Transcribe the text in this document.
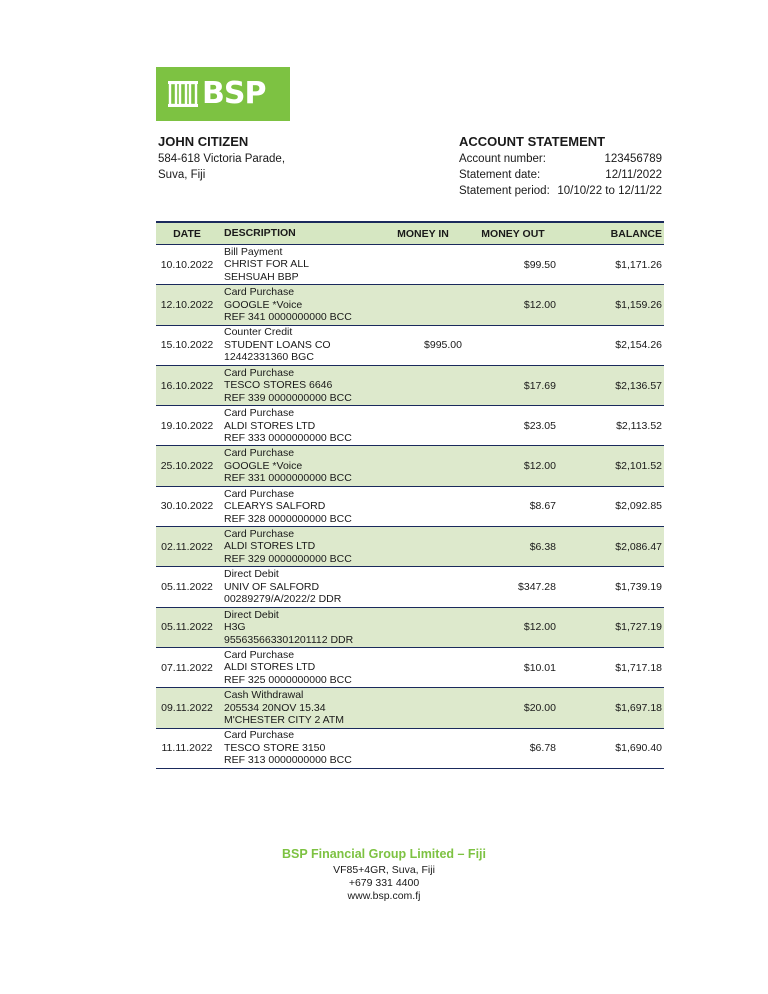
BSP
JOHN CITIZEN
584-618 Victoria Parade,
Suva, Fiji
ACCOUNT STATEMENT
Account number:	123456789
Statement date:	12/11/2022
Statement period: 10/10/22 to 12/11/22
DATE	DESCRIPTION	MONEY IN	MONEY OUT	BALANCE
10.10.2022	Bill Payment
CHRIST FOR ALL
SEHSUAH BBP		$99.50	$1,171.26
12.10.2022	Card Purchase
GOOGLE *Voice
REF 341 0000000000 BCC		$12.00	$1,159.26
15.10.2022	Counter Credit
STUDENT LOANS CO
12442331360 BGC	$995.00		$2,154.26
16.10.2022	Card Purchase
TESCO STORES 6646
REF 339 0000000000 BCC		$17.69	$2,136.57
19.10.2022	Card Purchase
ALDI STORES LTD
REF 333 0000000000 BCC		$23.05	$2,113.52
25.10.2022	Card Purchase
GOOGLE *Voice
REF 331 0000000000 BCC		$12.00	$2,101.52
30.10.2022	Card Purchase
CLEARYS SALFORD
REF 328 0000000000 BCC		$8.67	$2,092.85
02.11.2022	Card Purchase
ALDI STORES LTD
REF 329 0000000000 BCC		$6.38	$2,086.47
05.11.2022	Direct Debit
UNIV OF SALFORD
00289279/A/2022/2 DDR		$347.28	$1,739.19
05.11.2022	Direct Debit
H3G
955635663301201112 DDR		$12.00	$1,727.19
07.11.2022	Card Purchase
ALDI STORES LTD
REF 325 0000000000 BCC		$10.01	$1,717.18
09.11.2022	Cash Withdrawal
205534 20NOV 15.34
M'CHESTER CITY 2 ATM		$20.00	$1,697.18
11.11.2022	Card Purchase
TESCO STORE 3150
REF 313 0000000000 BCC		$6.78	$1,690.40
BSP Financial Group Limited – Fiji
VF85+4GR, Suva, Fiji
+679 331 4400
www.bsp.com.fj
